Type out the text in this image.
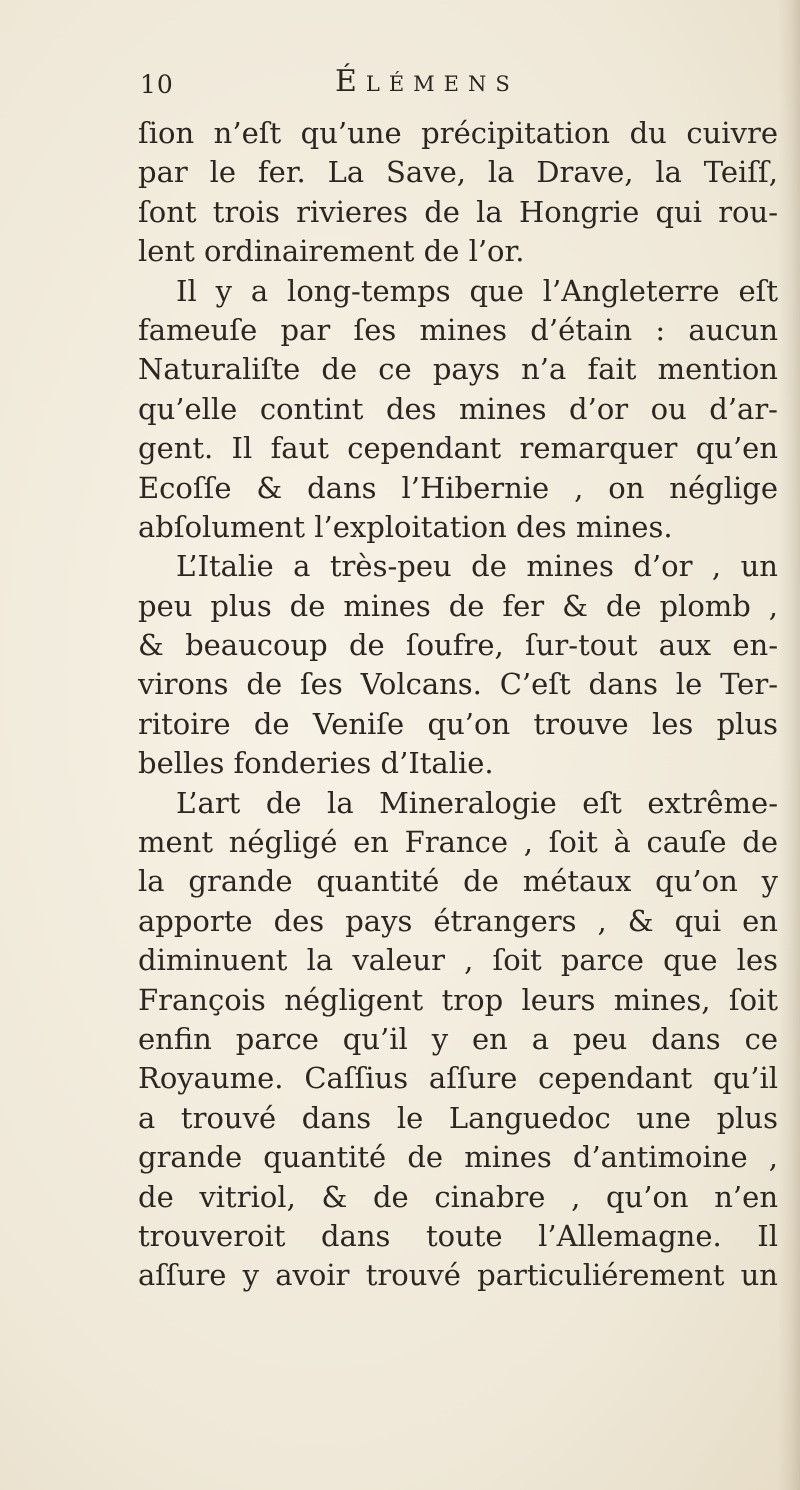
10	Élémens
ſion n’eſt qu’une précipitation du cuivre
par le fer. La Save, la Drave, la Teiſſ,
ſont trois rivieres de la Hongrie qui rou-
lent ordinairement de l’or.
Il y a long-temps que l’Angleterre eſt
fameuſe par ſes mines d’étain : aucun
Naturaliſte de ce pays n’a fait mention
qu’elle contint des mines d’or ou d’ar-
gent. Il faut cependant remarquer qu’en
Ecoſſe & dans l’Hibernie , on néglige
abſolument l’exploitation des mines.
L’Italie a très-peu de mines d’or , un
peu plus de mines de fer & de plomb ,
& beaucoup de ſoufre, ſur-tout aux en-
virons de ſes Volcans. C’eſt dans le Ter-
ritoire de Veniſe qu’on trouve les plus
belles fonderies d’Italie.
L’art de la Mineralogie eſt extrême-
ment négligé en France , ſoit à cauſe de
la grande quantité de métaux qu’on y
apporte des pays étrangers , & qui en
diminuent la valeur , ſoit parce que les
François négligent trop leurs mines, ſoit
enfin parce qu’il y en a peu dans ce
Royaume. Caſſius aſſure cependant qu’il
a trouvé dans le Languedoc une plus
grande quantité de mines d’antimoine ,
de vitriol, & de cinabre , qu’on n’en
trouveroit dans toute l’Allemagne. Il
aſſure y avoir trouvé particuliérement un
